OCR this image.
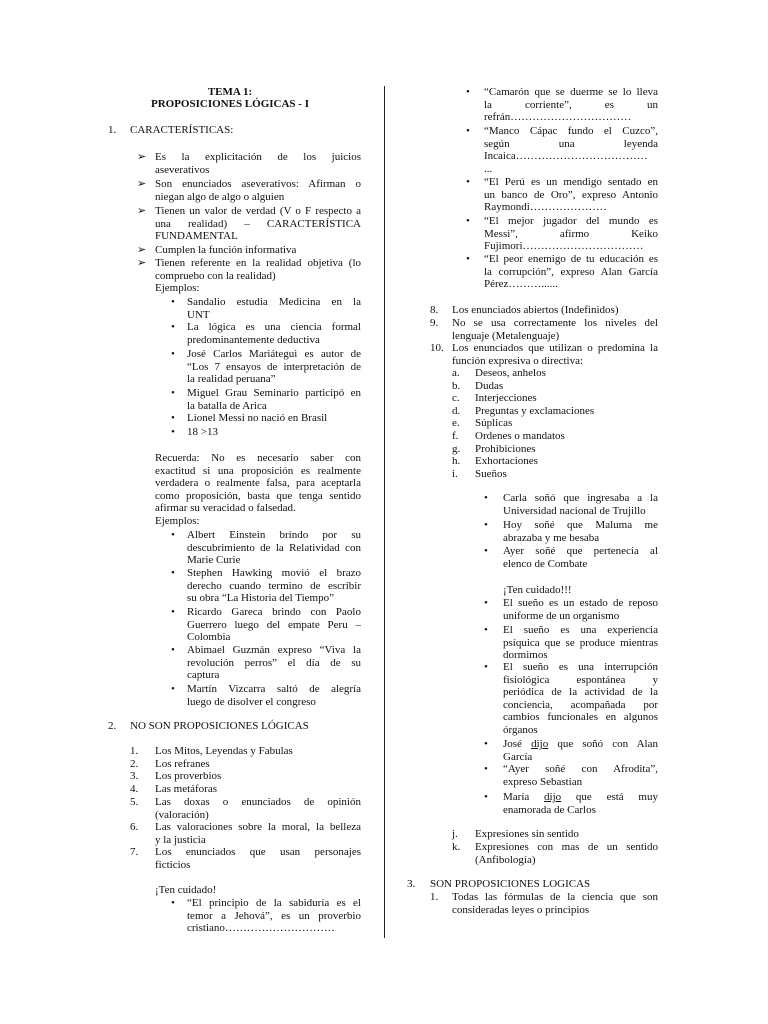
TEMA 1:
PROPOSICIONES LÓGICAS - I
1. CARACTERÍSTICAS:
➢ Es la explicitación de los juicios
aseverativos
➢ Son enunciados aseverativos: Afirman o
niegan algo de algo o alguien
➢ Tienen un valor de verdad (V o F respecto a
una realidad) – CARACTERÍSTICA
FUNDAMENTAL
➢ Cumplen la función informativa
➢ Tienen referente en la realidad objetiva (lo
compruebo con la realidad)
Ejemplos:
• Sandalio estudia Medicina en la
UNT
• La lógica es una ciencia formal
predominantemente deductiva
• José Carlos Mariátegui es autor de
“Los 7 ensayos de interpretación de
la realidad peruana”
• Miguel Grau Seminario participó en
la batalla de Arica
• Lionel Messi no nació en Brasil
• 18 >13
Recuerda: No es necesario saber con
exactitud si una proposición es realmente
verdadera o realmente falsa, para aceptarla
como proposición, basta que tenga sentido
afirmar su veracidad o falsedad.
Ejemplos:
• Albert Einstein brindo por su
descubrimiento de la Relatividad con
Marie Curie
• Stephen Hawking movió el brazo
derecho cuando termino de escribir
su obra “La Historia del Tiempo”
• Ricardo Gareca brindo con Paolo
Guerrero luego del empate Peru –
Colombia
• Abimael Guzmán expreso “Viva la
revolución perros” el día de su
captura
• Martín Vizcarra saltó de alegría
luego de disolver el congreso
2. NO SON PROPOSICIONES LÓGICAS
1. Los Mitos, Leyendas y Fabulas
2. Los refranes
3. Los proverbios
4. Las metáforas
5. Las doxas o enunciados de opinión
(valoración)
6. Las valoraciones sobre la moral, la belleza
y la justicia
7. Los enunciados que usan personajes
ficticios
¡Ten cuidado!
• “El principio de la sabiduría es el
temor a Jehová”, es un proverbio
cristiano…………………………
• “Camarón que se duerme se lo lleva
la corriente”, es un
refrán……………………………
• “Manco Cápac fundo el Cuzco”,
según una leyenda
Incaica………………………………
...
• “El Perú es un mendigo sentado en
un banco de Oro”, expreso Antonio
Raymondi…………………
• “El mejor jugador del mundo es
Messi”, afirmo Keiko
Fujimori……………………………
• “El peor enemigo de tu educación es
la corrupción”, expreso Alan García
Pérez………......
8. Los enunciados abiertos (Indefinidos)
9. No se usa correctamente los niveles del
lenguaje (Metalenguaje)
10. Los enunciados que utilizan o predomina la
función expresiva o directiva:
a. Deseos, anhelos
b. Dudas
c. Interjecciones
d. Preguntas y exclamaciones
e. Súplicas
f. Ordenes o mandatos
g. Prohibiciones
h. Exhortaciones
i. Sueños
• Carla soñó que ingresaba a la
Universidad nacional de Trujillo
• Hoy soñé que Maluma me
abrazaba y me besaba
• Ayer soñé que pertenecía al
elenco de Combate
¡Ten cuidado!!!
• El sueño es un estado de reposo
uniforme de un organismo
• El sueño es una experiencia
psíquica que se produce mientras
dormimos
• El sueño es una interrupción
fisiológica espontánea y
periódica de la actividad de la
conciencia, acompañada por
cambios funcionales en algunos
órganos
• José dijo que soñó con Alan
García
• “Ayer soñé con Afrodita”,
expreso Sebastian
• María dijo que está muy
enamorada de Carlos
j. Expresiones sin sentido
k. Expresiones con mas de un sentido
(Anfibología)
3. SON PROPOSICIONES LOGICAS
1. Todas las fórmulas de la ciencia que son
consideradas leyes o principios
